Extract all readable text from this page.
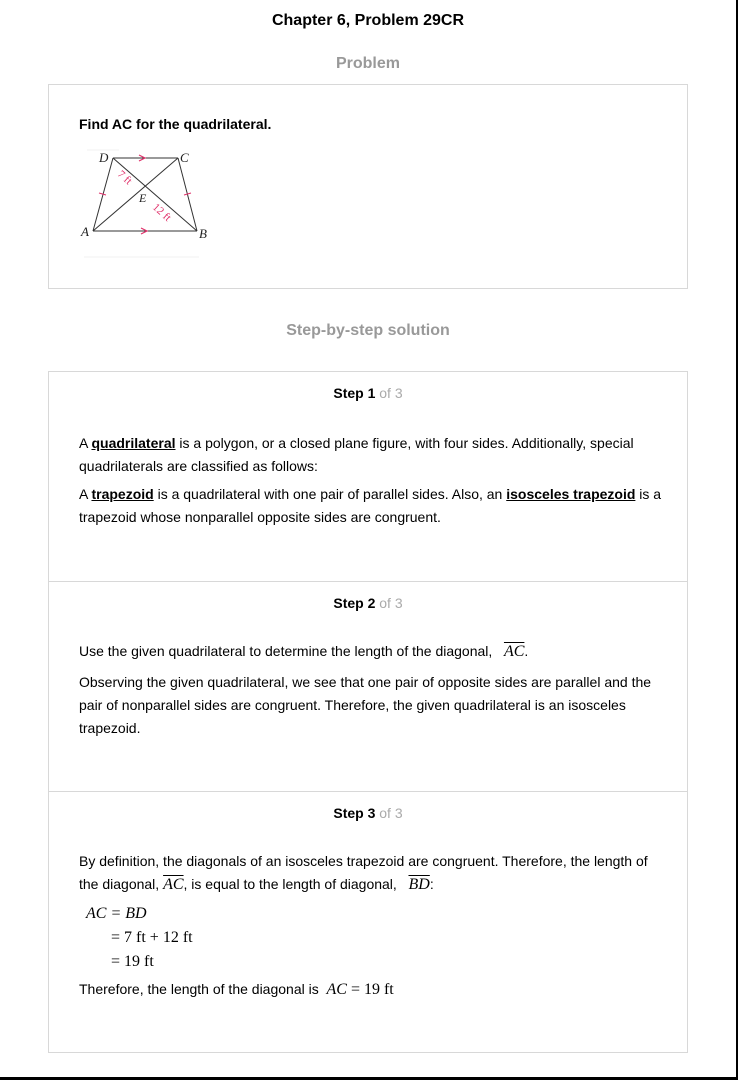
Chapter 6, Problem 29CR
Problem
Find AC for the quadrilateral.
D	C
E
A	B
7 ft
12 ft
Step-by-step solution
Step 1 of 3
A quadrilateral is a polygon, or a closed plane figure, with four sides. Additionally, special quadrilaterals are classified as follows:
A trapezoid is a quadrilateral with one pair of parallel sides. Also, an isosceles trapezoid is a trapezoid whose nonparallel opposite sides are congruent.
Step 2 of 3
Use the given quadrilateral to determine the length of the diagonal,   $\overline{AC}$.
Observing the given quadrilateral, we see that one pair of opposite sides are parallel and the pair of nonparallel sides are congruent. Therefore, the given quadrilateral is an isosceles trapezoid.
Step 3 of 3
By definition, the diagonals of an isosceles trapezoid are congruent. Therefore, the length of the diagonal, $\overline{AC}$, is equal to the length of diagonal,   $\overline{BD}$:
AC = BD
= 7 ft + 12 ft
= 19 ft
Therefore, the length of the diagonal is  AC = 19 ft
